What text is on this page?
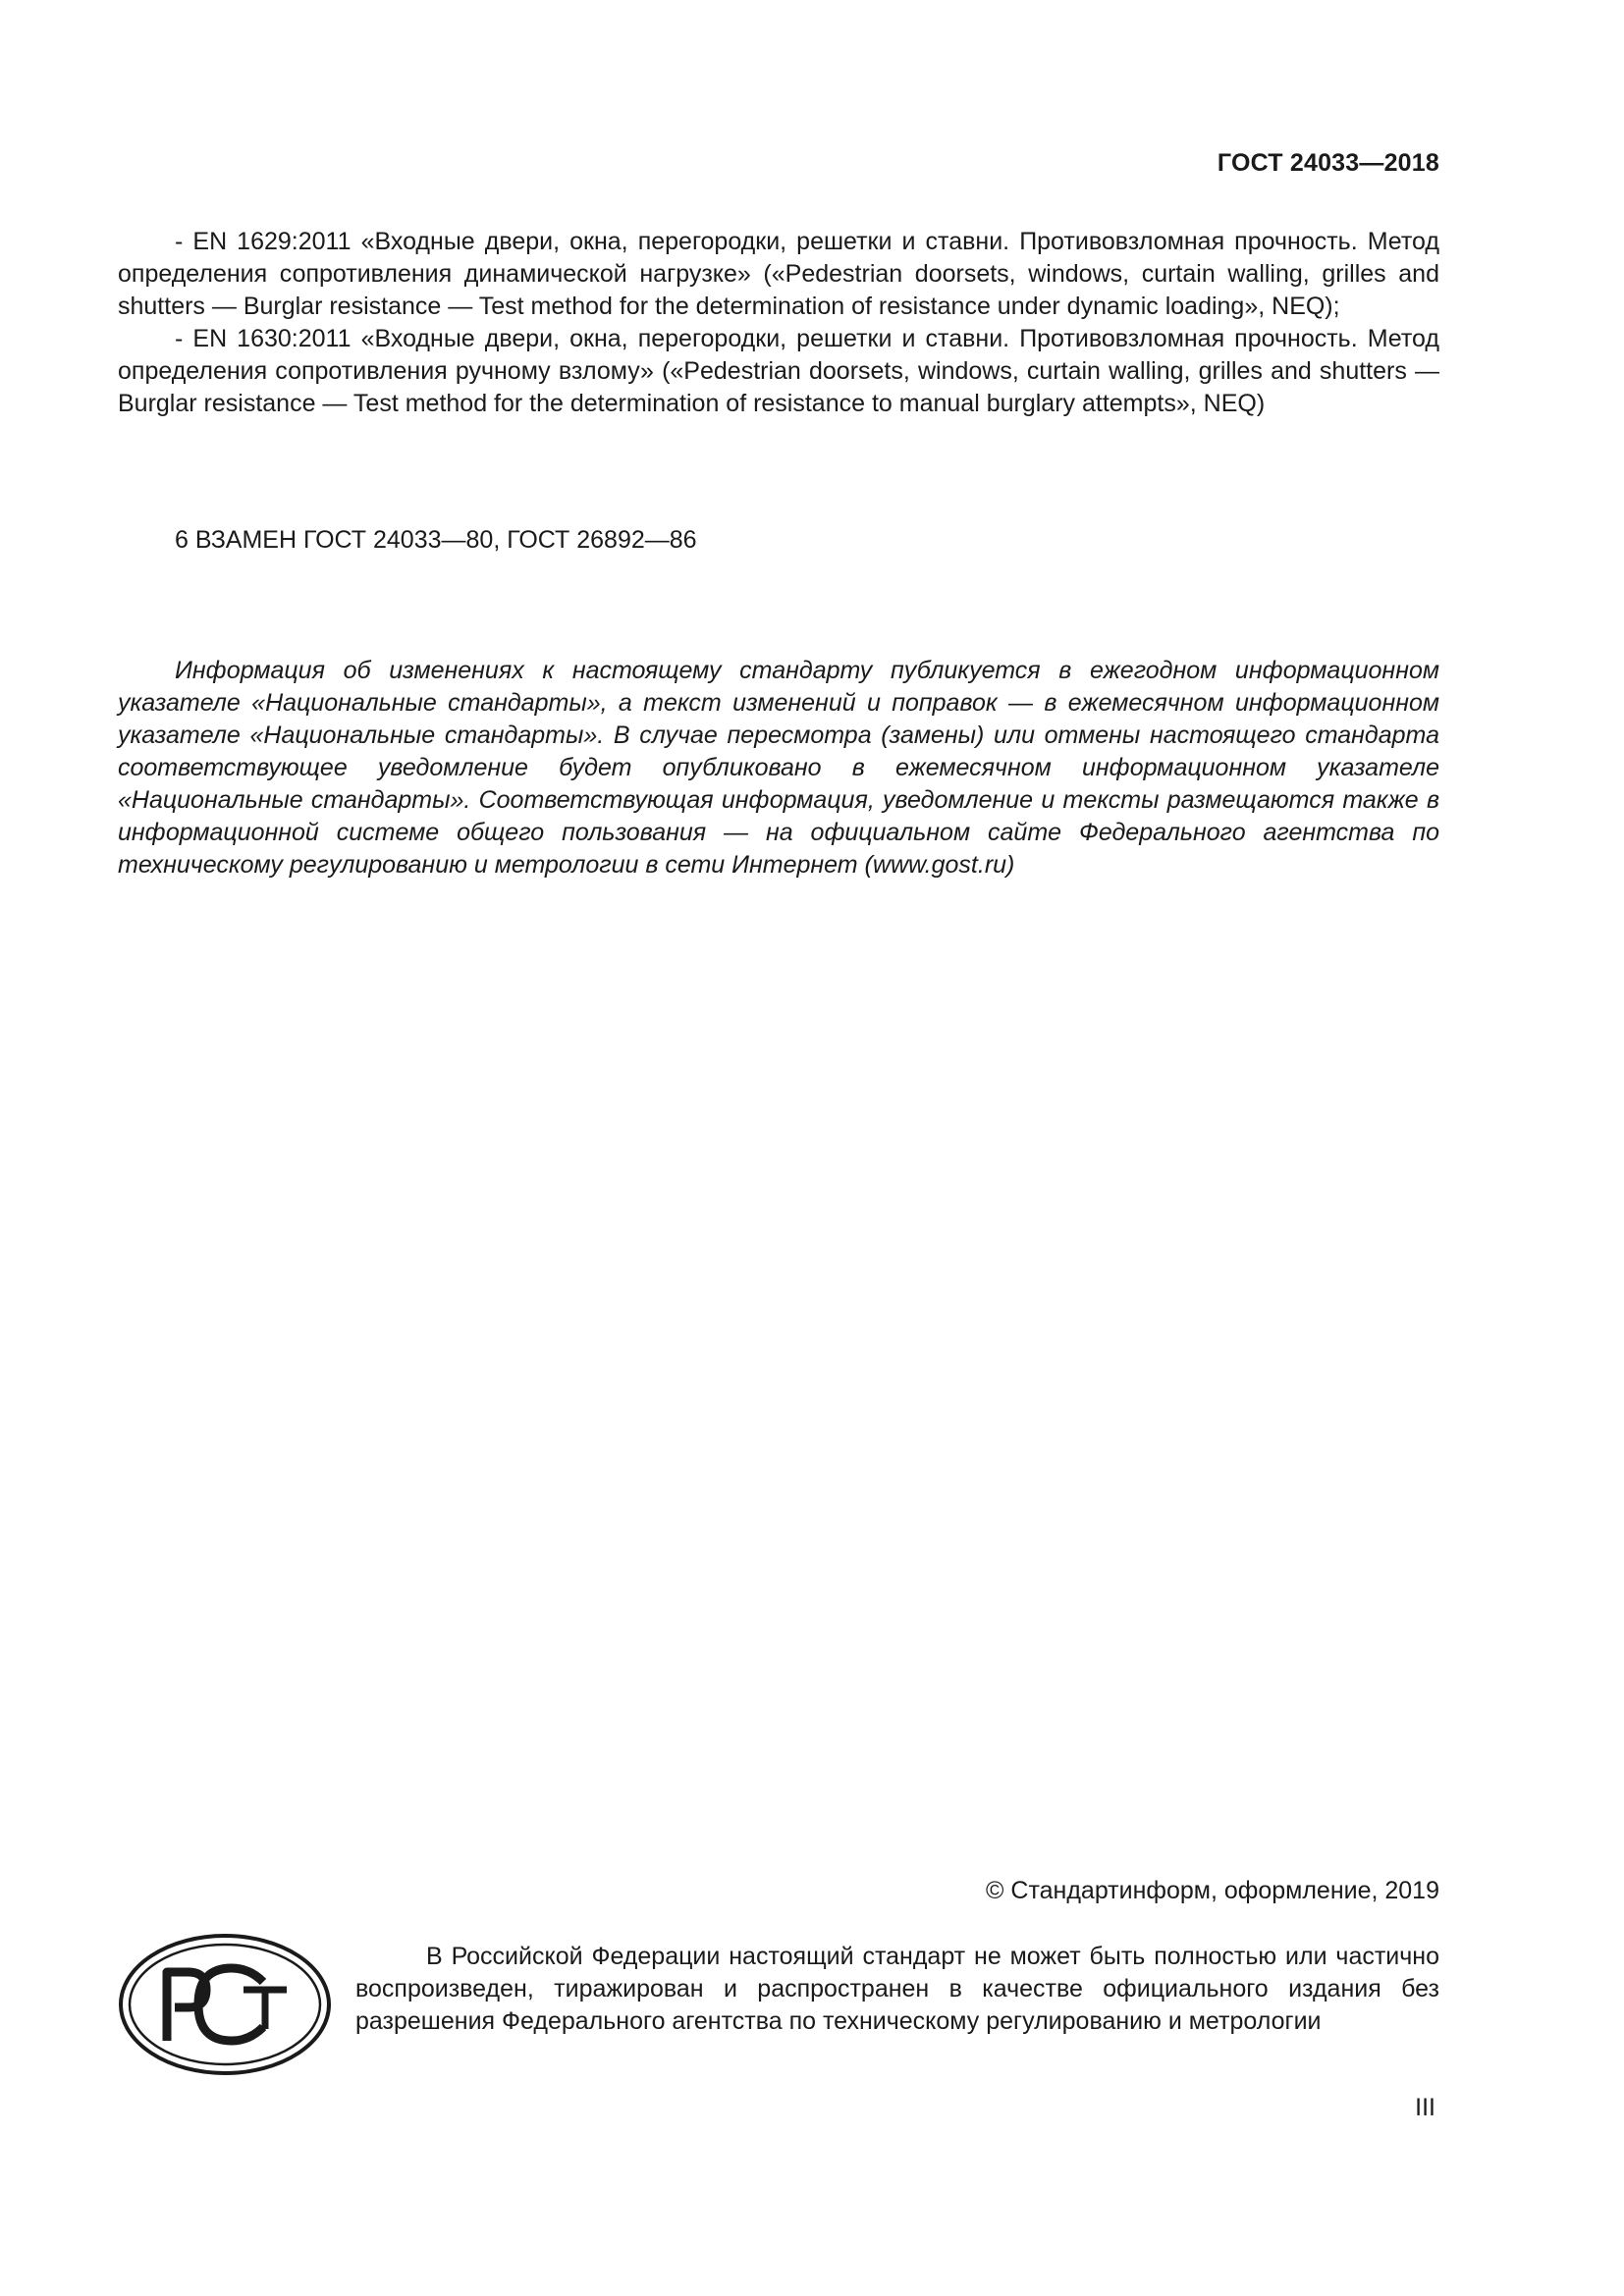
ГОСТ 24033—2018

- EN 1629:2011 «Входные двери, окна, перегородки, решетки и ставни. Противовзломная прочность. Метод определения сопротивления динамической нагрузке» («Pedestrian doorsets, windows, curtain walling, grilles and shutters — Burglar resistance — Test method for the determination of resistance under dynamic loading», NEQ);

- EN 1630:2011 «Входные двери, окна, перегородки, решетки и ставни. Противовзломная прочность. Метод определения сопротивления ручному взлому» («Pedestrian doorsets, windows, curtain walling, grilles and shutters — Burglar resistance — Test method for the determination of resistance to manual burglary attempts», NEQ)

6 ВЗАМЕН ГОСТ 24033—80, ГОСТ 26892—86

Информация об изменениях к настоящему стандарту публикуется в ежегодном информационном указателе «Национальные стандарты», а текст изменений и поправок — в ежемесячном информационном указателе «Национальные стандарты». В случае пересмотра (замены) или отмены настоящего стандарта соответствующее уведомление будет опубликовано в ежемесячном информационном указателе «Национальные стандарты». Соответствующая информация, уведомление и тексты размещаются также в информационной системе общего пользования — на официальном сайте Федерального агентства по техническому регулированию и метрологии в сети Интернет (www.gost.ru)

© Стандартинформ, оформление, 2019

В Российской Федерации настоящий стандарт не может быть полностью или частично воспроизведен, тиражирован и распространен в качестве официального издания без разрешения Федерального агентства по техническому регулированию и метрологии

III
